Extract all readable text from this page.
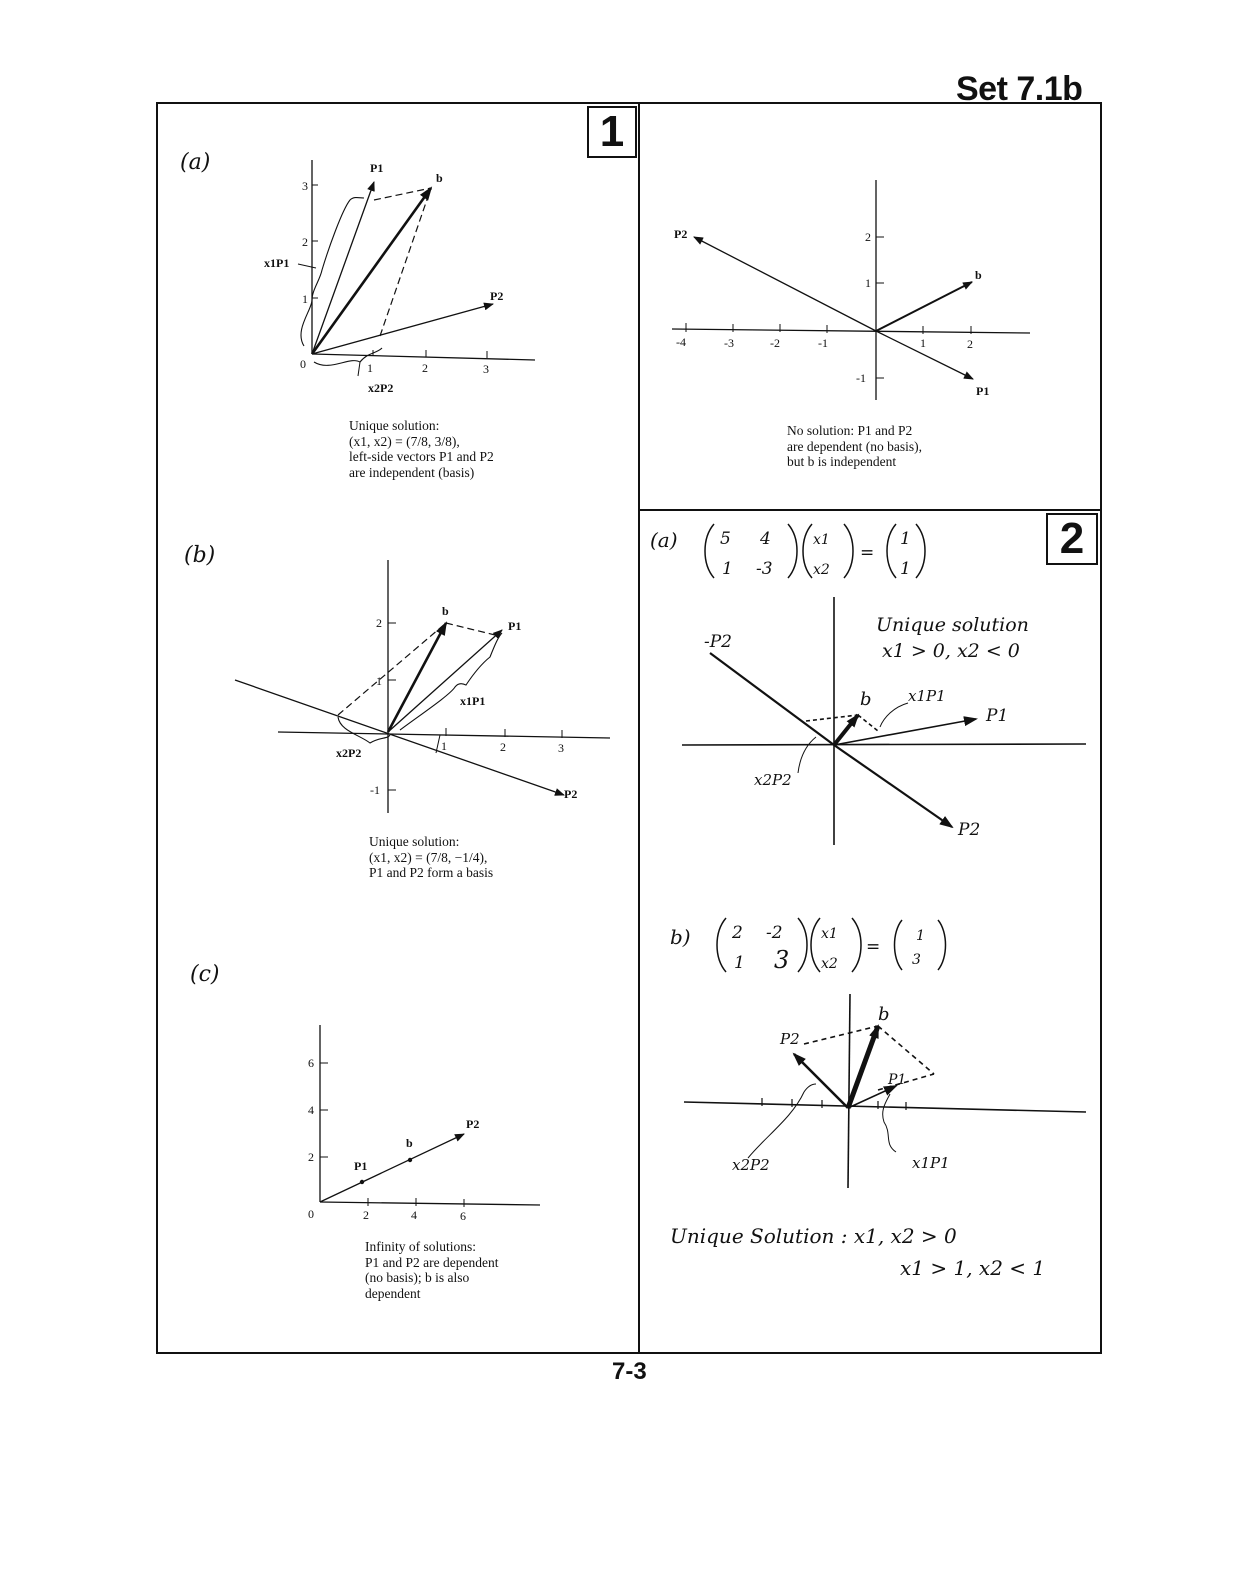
Set 7.1b
1
2
(a)
1	2	3
1
2
3
0
P1
b
P2
x1P1
x2P2
Unique solution:
(x1, x2) = (7/8, 3/8),
left-side vectors P1 and P2
are independent (basis)
(b)
1	2	3
2
1
-1
b
P1
x1P1
x2P2
P2
Unique solution:
(x1, x2) = (7/8, −1/4),
P1 and P2 form a basis
(c)
2	4	6
6
4
2
0
P1
b
P2
Infinity of solutions:
P1 and P2 are dependent
(no basis); b is also
dependent
-4	-3	-2	-1	1	2
2
1
-1
P2
b
P1
No solution: P1 and P2
are dependent (no basis),
but b is independent
(a) 5 4
1 -3
x1
x2
=
1
1
Unique solution
x1 > 0, x2 < 0
-P2
b x1P1
P1
x2P2
P2
b) 2 -2
1 3
x1
x2
=
1
3
b
P2
P1
x2P2	x1P1
Unique Solution : x1, x2 > 0
x1 > 1, x2 < 1
7-3
